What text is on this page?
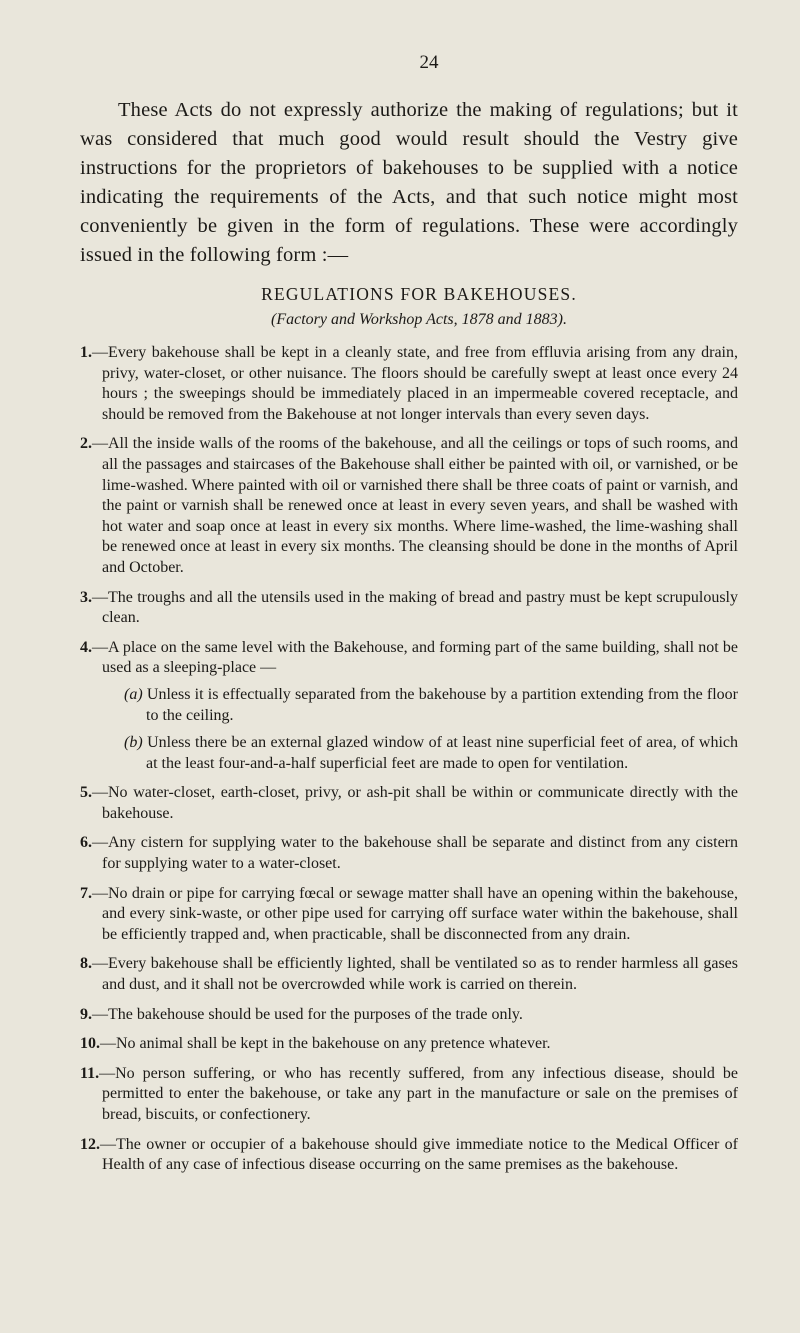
24

These Acts do not expressly authorize the making of regulations; but it was considered that much good would result should the Vestry give instructions for the proprietors of bakehouses to be supplied with a notice indicating the requirements of the Acts, and that such notice might most conveniently be given in the form of regulations. These were accordingly issued in the following form :—

REGULATIONS FOR BAKEHOUSES.
(Factory and Workshop Acts, 1878 and 1883).
1.—Every bakehouse shall be kept in a cleanly state, and free from effluvia arising from any drain, privy, water-closet, or other nuisance. The floors should be carefully swept at least once every 24 hours ; the sweepings should be immediately placed in an impermeable covered receptacle, and should be removed from the Bakehouse at not longer intervals than every seven days.
2.—All the inside walls of the rooms of the bakehouse, and all the ceilings or tops of such rooms, and all the passages and staircases of the Bakehouse shall either be painted with oil, or varnished, or be lime-washed. Where painted with oil or varnished there shall be three coats of paint or varnish, and the paint or varnish shall be renewed once at least in every seven years, and shall be washed with hot water and soap once at least in every six months. Where lime-washed, the lime-washing shall be renewed once at least in every six months. The cleansing should be done in the months of April and October.
3.—The troughs and all the utensils used in the making of bread and pastry must be kept scrupulously clean.
4.—A place on the same level with the Bakehouse, and forming part of the same building, shall not be used as a sleeping-place —
(a) Unless it is effectually separated from the bakehouse by a partition extending from the floor to the ceiling.
(b) Unless there be an external glazed window of at least nine superficial feet of area, of which at the least four-and-a-half superficial feet are made to open for ventilation.
5.—No water-closet, earth-closet, privy, or ash-pit shall be within or communicate directly with the bakehouse.
6.—Any cistern for supplying water to the bakehouse shall be separate and distinct from any cistern for supplying water to a water-closet.
7.—No drain or pipe for carrying fœcal or sewage matter shall have an opening within the bakehouse, and every sink-waste, or other pipe used for carrying off surface water within the bakehouse, shall be efficiently trapped and, when practicable, shall be disconnected from any drain.
8.—Every bakehouse shall be efficiently lighted, shall be ventilated so as to render harmless all gases and dust, and it shall not be overcrowded while work is carried on therein.
9.—The bakehouse should be used for the purposes of the trade only.
10.—No animal shall be kept in the bakehouse on any pretence whatever.
11.—No person suffering, or who has recently suffered, from any infectious disease, should be permitted to enter the bakehouse, or take any part in the manufacture or sale on the premises of bread, biscuits, or confectionery.
12.—The owner or occupier of a bakehouse should give immediate notice to the Medical Officer of Health of any case of infectious disease occurring on the same premises as the bakehouse.
